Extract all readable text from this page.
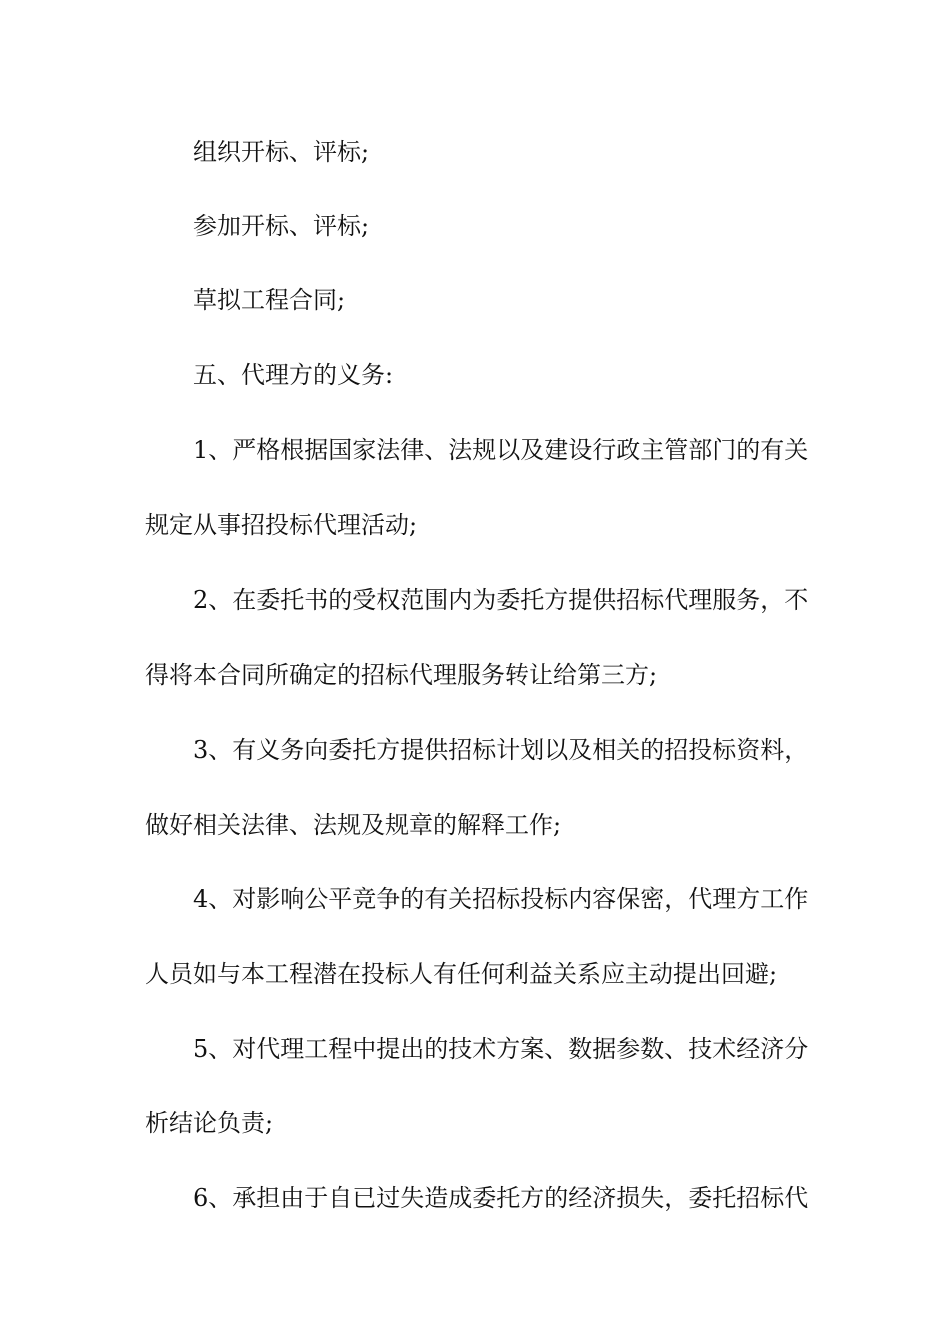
组织开标、评标;
参加开标、评标;
草拟工程合同;
五、代理方的义务:
1、严格根据国家法律、法规以及建设行政主管部门的有关
规定从事招投标代理活动;
2、在委托书的受权范围内为委托方提供招标代理服务，不
得将本合同所确定的招标代理服务转让给第三方;
3、有义务向委托方提供招标计划以及相关的招投标资料，
做好相关法律、法规及规章的解释工作;
4、对影响公平竞争的有关招标投标内容保密，代理方工作
人员如与本工程潜在投标人有任何利益关系应主动提出回避;
5、对代理工程中提出的技术方案、数据参数、技术经济分
析结论负责;
6、承担由于自已过失造成委托方的经济损失，委托招标代
